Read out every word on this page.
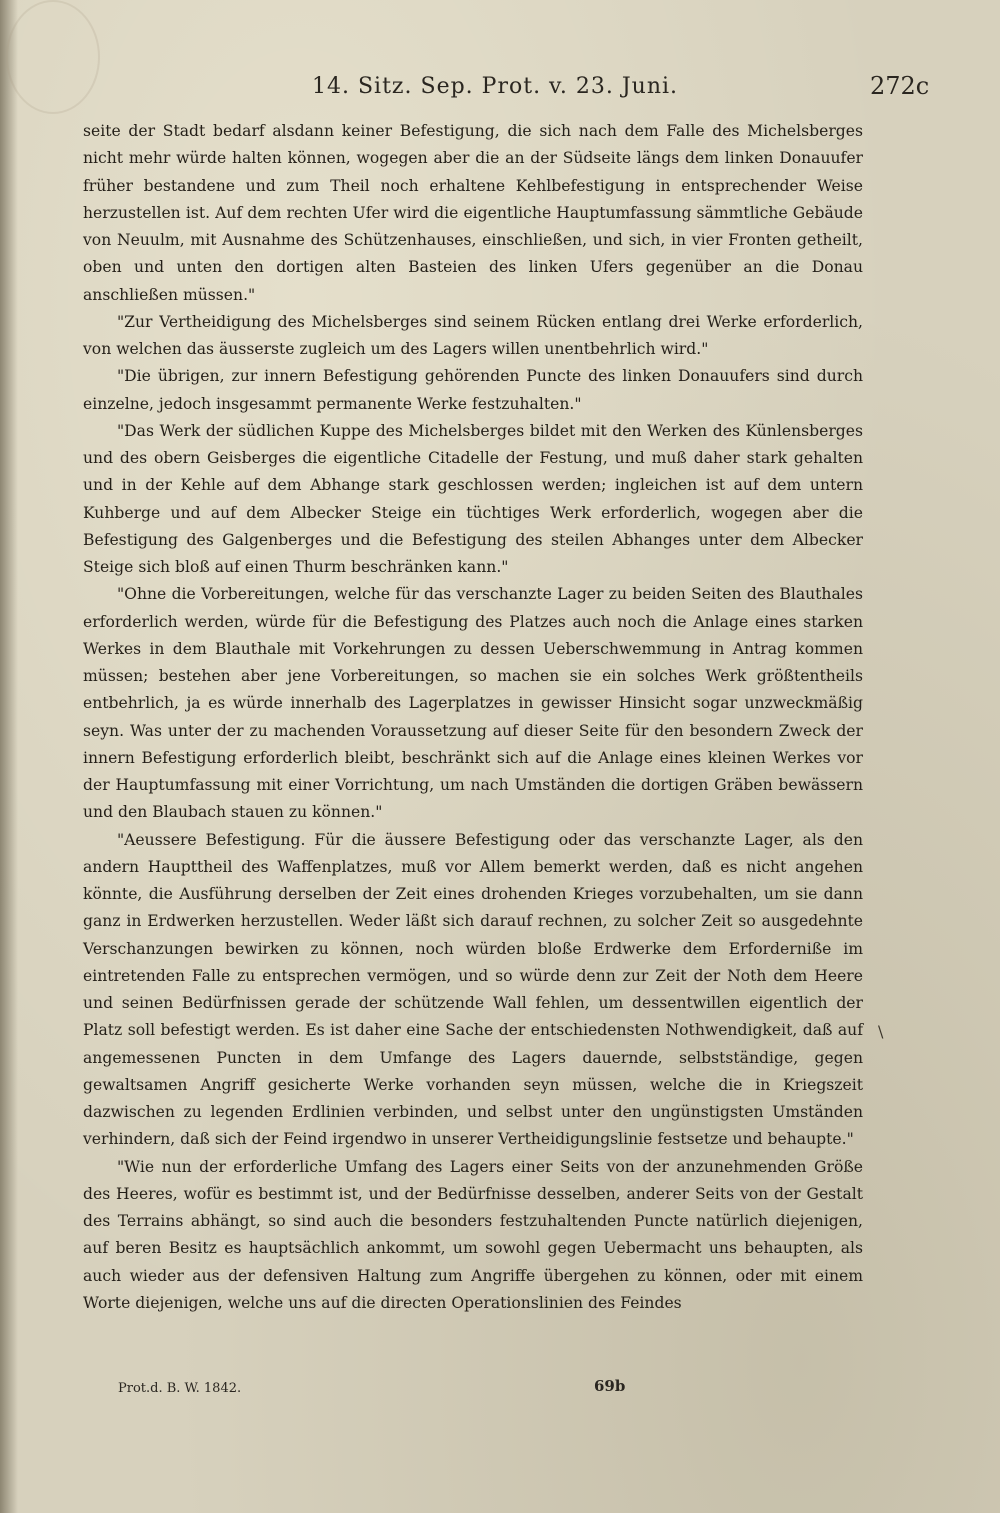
14. Sitz. Sep. Prot. v. 23. Juni.	272c

seite der Stadt bedarf alsdann keiner Befestigung, die sich nach dem Falle des Michelsberges nicht mehr würde halten können, wogegen aber die an der Südseite längs dem linken Donauufer früher bestandene und zum Theil noch erhaltene Kehlbefestigung in entsprechender Weise herzustellen ist. Auf dem rechten Ufer wird die eigentliche Hauptumfassung sämmtliche Gebäude von Neuulm, mit Ausnahme des Schützenhauses, einschließen, und sich, in vier Fronten getheilt, oben und unten den dortigen alten Basteien des linken Ufers gegenüber an die Donau anschließen müssen."

"Zur Vertheidigung des Michelsberges sind seinem Rücken entlang drei Werke erforderlich, von welchen das äusserste zugleich um des Lagers willen unentbehrlich wird."

"Die übrigen, zur innern Befestigung gehörenden Puncte des linken Donauufers sind durch einzelne, jedoch insgesammt permanente Werke festzuhalten."

"Das Werk der südlichen Kuppe des Michelsberges bildet mit den Werken des Künlensberges und des obern Geisberges die eigentliche Citadelle der Festung, und muß daher stark gehalten und in der Kehle auf dem Abhange stark geschlossen werden; ingleichen ist auf dem untern Kuhberge und auf dem Albecker Steige ein tüchtiges Werk erforderlich, wogegen aber die Befestigung des Galgenberges und die Befestigung des steilen Abhanges unter dem Albecker Steige sich bloß auf einen Thurm beschränken kann."

"Ohne die Vorbereitungen, welche für das verschanzte Lager zu beiden Seiten des Blauthales erforderlich werden, würde für die Befestigung des Platzes auch noch die Anlage eines starken Werkes in dem Blauthale mit Vorkehrungen zu dessen Ueberschwemmung in Antrag kommen müssen; bestehen aber jene Vorbereitungen, so machen sie ein solches Werk größtentheils entbehrlich, ja es würde innerhalb des Lagerplatzes in gewisser Hinsicht sogar unzweckmäßig seyn. Was unter der zu machenden Voraussetzung auf dieser Seite für den besondern Zweck der innern Befestigung erforderlich bleibt, beschränkt sich auf die Anlage eines kleinen Werkes vor der Hauptumfassung mit einer Vorrichtung, um nach Umständen die dortigen Gräben bewässern und den Blaubach stauen zu können."

"Aeussere Befestigung. Für die äussere Befestigung oder das verschanzte Lager, als den andern Haupttheil des Waffenplatzes, muß vor Allem bemerkt werden, daß es nicht angehen könnte, die Ausführung derselben der Zeit eines drohenden Krieges vorzubehalten, um sie dann ganz in Erdwerken herzustellen. Weder läßt sich darauf rechnen, zu solcher Zeit so ausgedehnte Verschanzungen bewirken zu können, noch würden bloße Erdwerke dem Erforderniße im eintretenden Falle zu entsprechen vermögen, und so würde denn zur Zeit der Noth dem Heere und seinen Bedürfnissen gerade der schützende Wall fehlen, um dessentwillen eigentlich der Platz soll befestigt werden. Es ist daher eine Sache der entschiedensten Nothwendigkeit, daß auf angemessenen Puncten in dem Umfange des Lagers dauernde, selbstständige, gegen gewaltsamen Angriff gesicherte Werke vorhanden seyn müssen, welche die in Kriegszeit dazwischen zu legenden Erdlinien verbinden, und selbst unter den ungünstigsten Umständen verhindern, daß sich der Feind irgendwo in unserer Vertheidigungslinie festsetze und behaupte."

"Wie nun der erforderliche Umfang des Lagers einer Seits von der anzunehmenden Größe des Heeres, wofür es bestimmt ist, und der Bedürfnisse desselben, anderer Seits von der Gestalt des Terrains abhängt, so sind auch die besonders festzuhaltenden Puncte natürlich diejenigen, auf beren Besitz es hauptsächlich ankommt, um sowohl gegen Uebermacht uns behaupten, als auch wieder aus der defensiven Haltung zum Angriffe übergehen zu können, oder mit einem Worte diejenigen, welche uns auf die directen Operationslinien des Feindes

\
Prot.d. B. W. 1842.	69b
